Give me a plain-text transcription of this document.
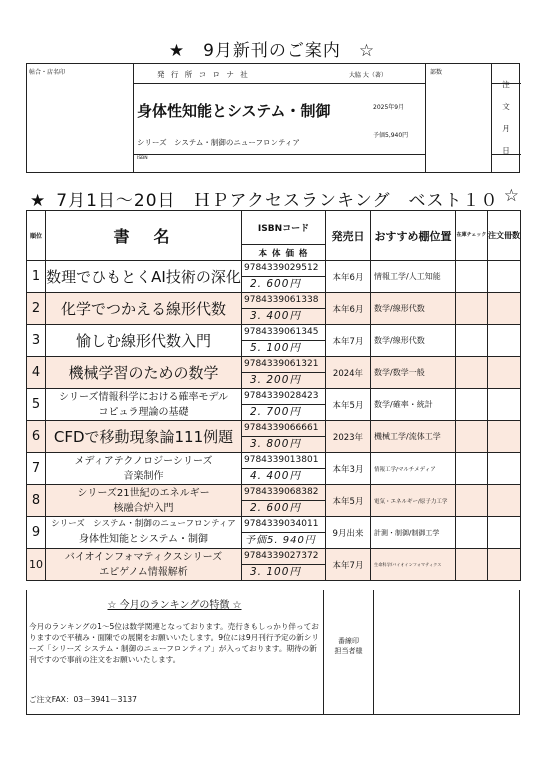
★　9月新刊のご案内　☆
帖合・店名印	発 行 所 コ ロ ナ 社	大脇 大（著）	部数
注
文
月
日
身体性知能とシステム・制御	2025年9月
シリーズ　システム・制御のニューフロンティア
予価5,940円
ISBN
★ 7月1日～20日　ＨＰアクセスランキング　ベスト１０ ☆
順位	書　名	ISBNコード	発売日	おすすめ棚位置	在庫チェック	注文冊数
		本 体 価 格				
1	数理でひもとくAI技術の深化	9784339029512	本年6月	情報工学/人工知能		
		2. 600円				
2	化学でつかえる線形代数	9784339061338	本年6月	数学/線形代数		
		3. 400円				
3	愉しむ線形代数入門	9784339061345	本年7月	数学/線形代数		
		5. 100円				
4	機械学習のための数学	9784339061321	2024年	数学/数学一般		
		3. 200円				
5	シリーズ情報科学における確率モデル
コピュラ理論の基礎	9784339028423	本年5月	数学/確率・統計		
		2. 700円				
6	CFDで移動現象論111例題	9784339066661	2023年	機械工学/流体工学		
		3. 800円				
7	メディアテクノロジーシリーズ
音楽制作	9784339013801	本年3月	情報工学/マルチメディア		
		4. 400円				
8	シリーズ21世紀のエネルギー
核融合炉入門	9784339068382	本年5月	電気・エネルギー/原子力工学		
		2. 600円				
9	シリーズ　システム・制御のニューフロンティア
身体性知能とシステム・制御	9784339034011	9月出来	計測・制御/制御工学		
		予価5. 940円				
10	バイオインフォマティクスシリーズ
エピゲノム情報解析	9784339027372	本年7月	生命科学/バイオインフォマティクス		
		3. 100円				
☆ 今月のランキングの特徴 ☆
今月のランキングの1～5位は数学関連となっております。売行きもしっかり伴っておりますので平積み・面陳での展開をお願いいたします。9位には9月刊行予定の新シリーズ「シリーズ システム・制御のニューフロンティア」が入っております。期待の新刊ですので事前の注文をお願いいたします。
ご注文FAX：03－3941－3137
番線印
担当者様
